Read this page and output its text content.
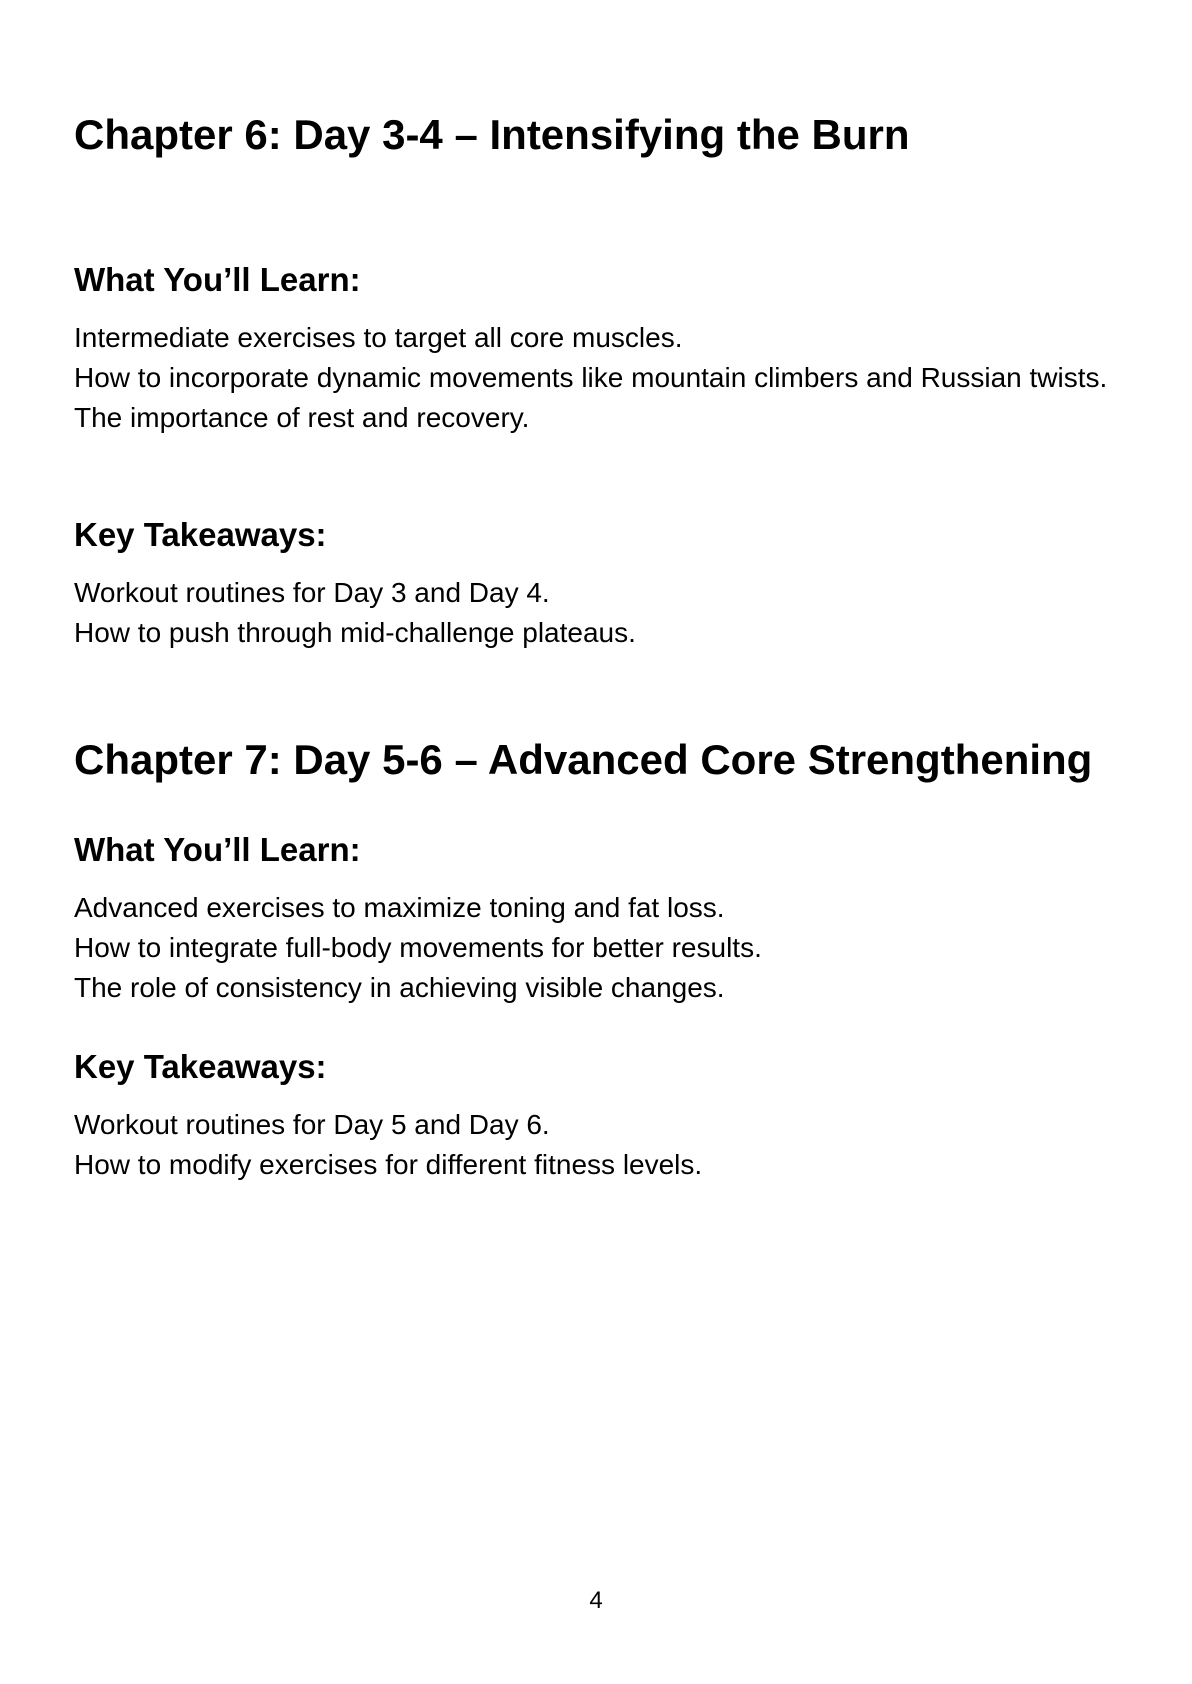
Chapter 6: Day 3-4 – Intensifying the Burn
What You’ll Learn:
Intermediate exercises to target all core muscles.
How to incorporate dynamic movements like mountain climbers and Russian twists.
The importance of rest and recovery.
Key Takeaways:
Workout routines for Day 3 and Day 4.
How to push through mid-challenge plateaus.
Chapter 7: Day 5-6 – Advanced Core Strengthening
What You’ll Learn:
Advanced exercises to maximize toning and fat loss.
How to integrate full-body movements for better results.
The role of consistency in achieving visible changes.
Key Takeaways:
Workout routines for Day 5 and Day 6.
How to modify exercises for different fitness levels.
4
